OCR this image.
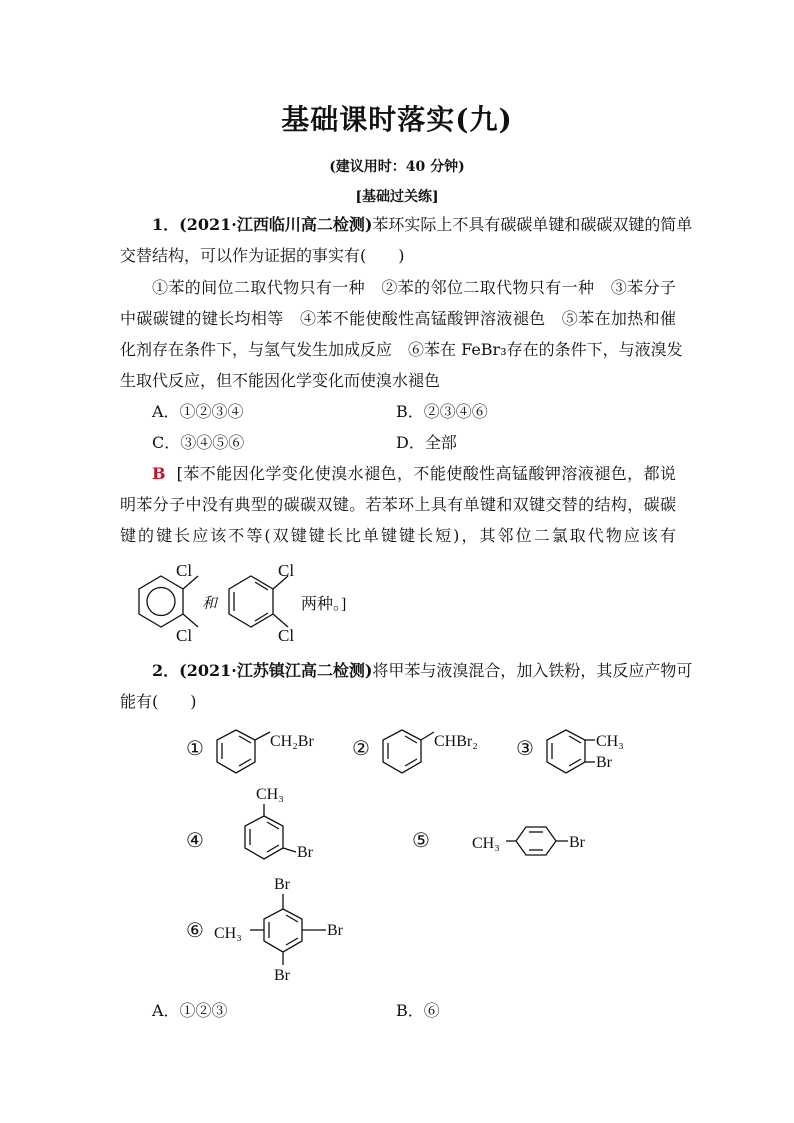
基础课时落实(九)
(建议用时：40 分钟)
[基础过关练]
1．(2021·江西临川高二检测)苯环实际上不具有碳碳单键和碳碳双键的简单
交替结构，可以作为证据的事实有(　　)
①苯的间位二取代物只有一种　②苯的邻位二取代物只有一种　③苯分子
中碳碳键的键长均相等　④苯不能使酸性高锰酸钾溶液褪色　⑤苯在加热和催
化剂存在条件下，与氢气发生加成反应　⑥苯在 FeBr₃存在的条件下，与液溴发
生取代反应，但不能因化学变化而使溴水褪色
A．①②③④	B．②③④⑥
C．③④⑤⑥	D．全部
B [苯不能因化学变化使溴水褪色，不能使酸性高锰酸钾溶液褪色，都说
明苯分子中没有典型的碳碳双键。若苯环上具有单键和双键交替的结构，碳碳
键的键长应该不等(双键键长比单键键长短)，其邻位二氯取代物应该有
Cl
Cl
和
Cl
Cl
两种。]
2．(2021·江苏镇江高二检测)将甲苯与液溴混合，加入铁粉，其反应产物可
能有(　　)
①	CH₂Br ②	CHBr₂ ③	CH₃
Br
④
CH₃
Br
⑤	CH₃	Br
⑥ CH₃
Br
Br
Br
A．①②③	B．⑥
